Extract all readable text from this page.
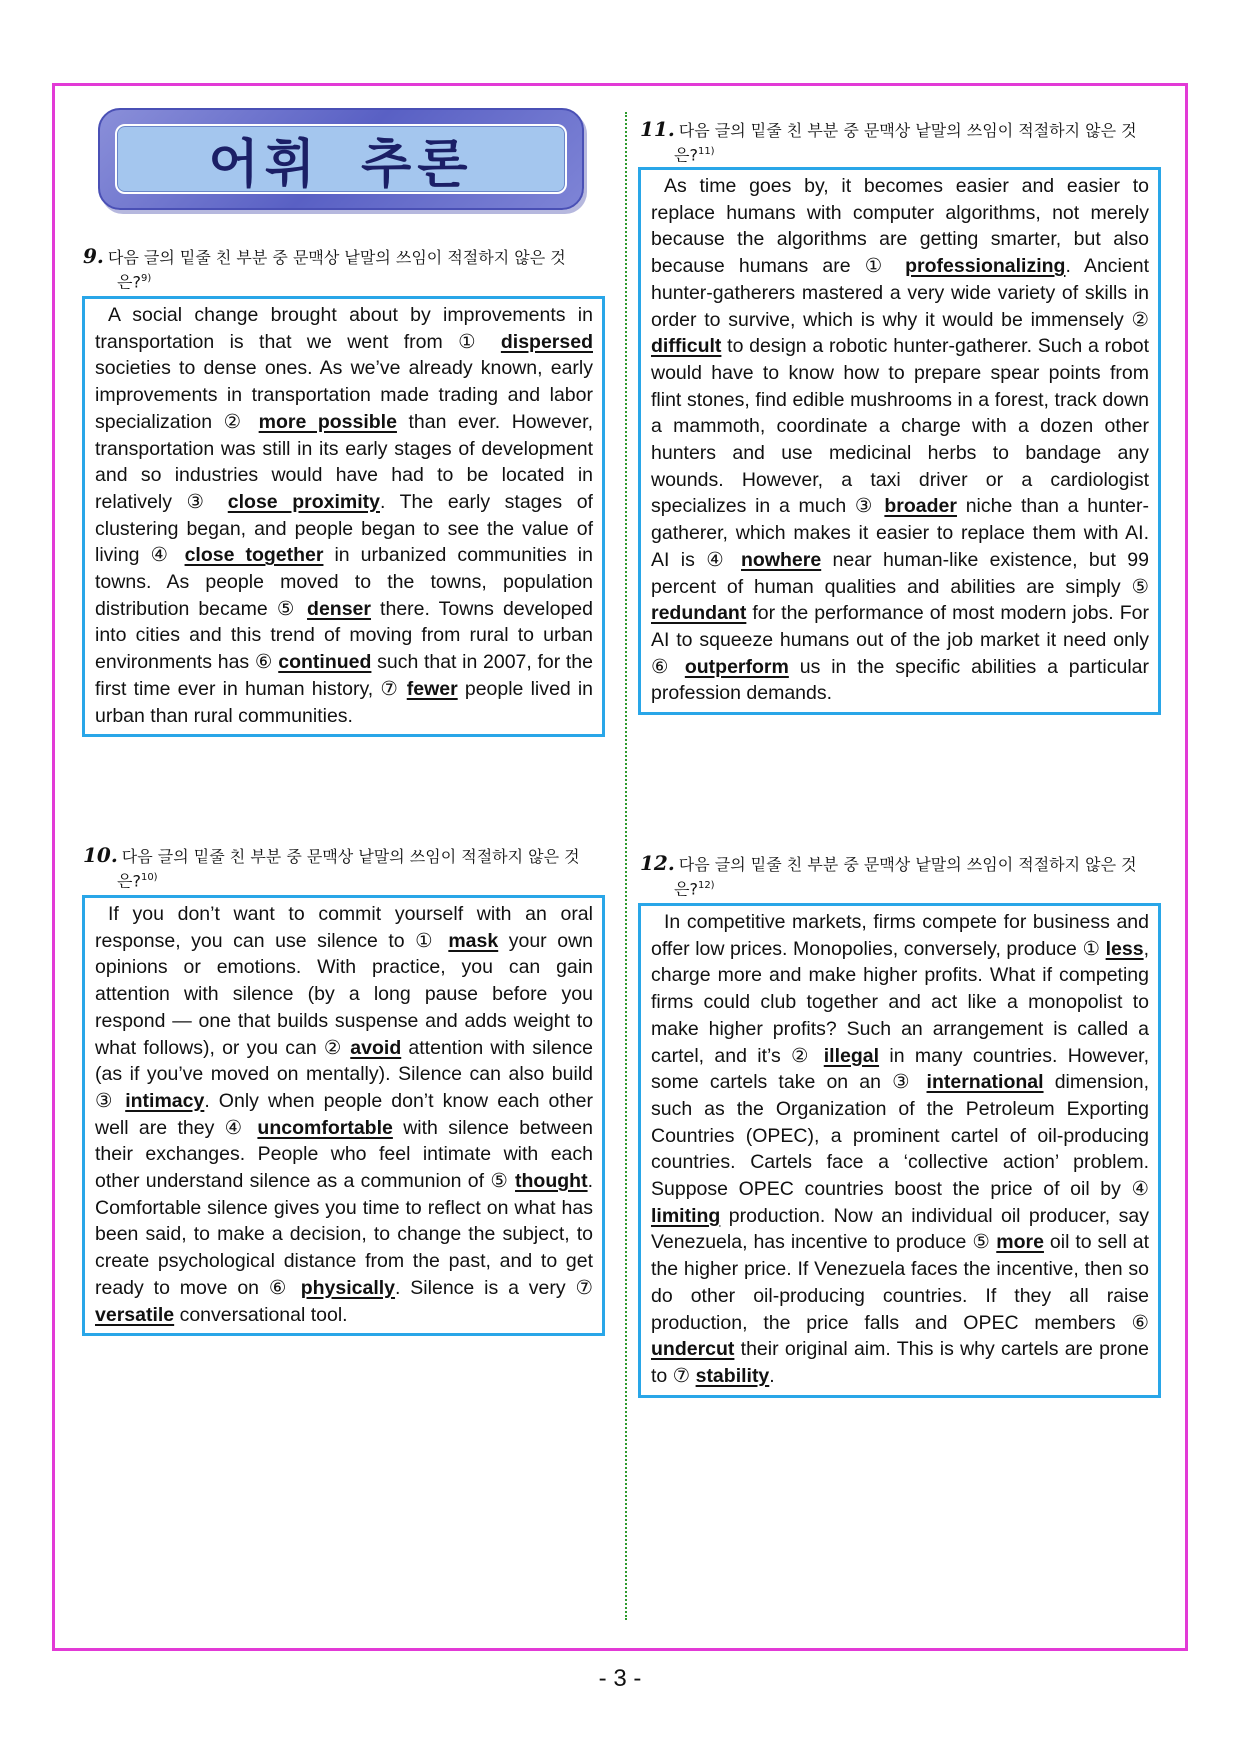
어휘 추론
9. 다음 글의 밑줄 친 부분 중 문맥상 낱말의 쓰임이 적절하지 않은 것
은?$^{9)}$
A social change brought about by improvements in transportation is that we went from ① dispersed societies to dense ones. As we’ve already known, early improvements in transportation made trading and labor specialization ② more possible than ever. However, transportation was still in its early stages of development and so industries would have had to be located in relatively ③ close proximity. The early stages of clustering began, and people began to see the value of living ④ close together in urbanized communities in towns. As people moved to the towns, population distribution became ⑤ denser there. Towns developed into cities and this trend of moving from rural to urban environments has ⑥ continued such that in 2007, for the first time ever in human history, ⑦ fewer people lived in urban than rural communities.
10. 다음 글의 밑줄 친 부분 중 문맥상 낱말의 쓰임이 적절하지 않은 것
은?$^{10)}$
If you don’t want to commit yourself with an oral response, you can use silence to ① mask your own opinions or emotions. With practice, you can gain attention with silence (by a long pause before you respond — one that builds suspense and adds weight to what follows), or you can ② avoid attention with silence (as if you’ve moved on mentally). Silence can also build ③ intimacy. Only when people don’t know each other well are they ④ uncomfortable with silence between their exchanges. People who feel intimate with each other understand silence as a communion of ⑤ thought. Comfortable silence gives you time to reflect on what has been said, to make a decision, to change the subject, to create psychological distance from the past, and to get ready to move on ⑥ physically. Silence is a very ⑦ versatile conversational tool.
11. 다음 글의 밑줄 친 부분 중 문맥상 낱말의 쓰임이 적절하지 않은 것
은?$^{11)}$
As time goes by, it becomes easier and easier to replace humans with computer algorithms, not merely because the algorithms are getting smarter, but also because humans are ① professionalizing. Ancient hunter-gatherers mastered a very wide variety of skills in order to survive, which is why it would be immensely ② difficult to design a robotic hunter-gatherer. Such a robot would have to know how to prepare spear points from flint stones, find edible mushrooms in a forest, track down a mammoth, coordinate a charge with a dozen other hunters and use medicinal herbs to bandage any wounds. However, a taxi driver or a cardiologist specializes in a much ③ broader niche than a hunter-gatherer, which makes it easier to replace them with AI. AI is ④ nowhere near human-like existence, but 99 percent of human qualities and abilities are simply ⑤ redundant for the performance of most modern jobs. For AI to squeeze humans out of the job market it need only ⑥ outperform us in the specific abilities a particular profession demands.
12. 다음 글의 밑줄 친 부분 중 문맥상 낱말의 쓰임이 적절하지 않은 것
은?$^{12)}$
In competitive markets, firms compete for business and offer low prices. Monopolies, conversely, produce ① less, charge more and make higher profits. What if competing firms could club together and act like a monopolist to make higher profits? Such an arrangement is called a cartel, and it’s ② illegal in many countries. However, some cartels take on an ③ international dimension, such as the Organization of the Petroleum Exporting Countries (OPEC), a prominent cartel of oil-producing countries. Cartels face a ‘collective action’ problem. Suppose OPEC countries boost the price of oil by ④ limiting production. Now an individual oil producer, say Venezuela, has incentive to produce ⑤ more oil to sell at the higher price. If Venezuela faces the incentive, then so do other oil-producing countries. If they all raise production, the price falls and OPEC members ⑥ undercut their original aim. This is why cartels are prone to ⑦ stability.
- 3 -
